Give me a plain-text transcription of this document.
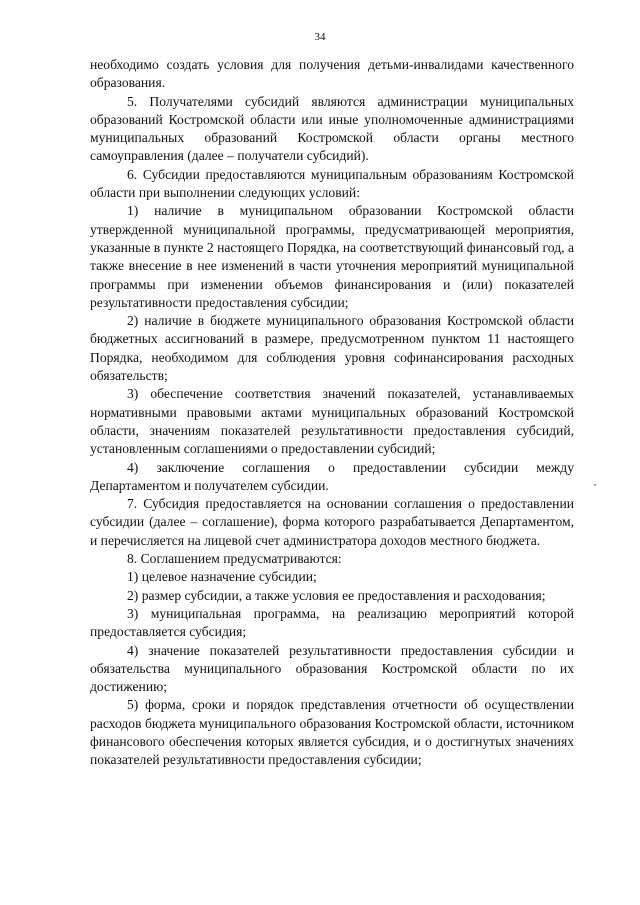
34

необходимо создать условия для получения детьми-инвалидами качественного образования.

5. Получателями субсидий являются администрации муниципальных образований Костромской области или иные уполномоченные администрациями муниципальных образований Костромской области органы местного самоуправления (далее – получатели субсидий).

6. Субсидии предоставляются муниципальным образованиям Костромской области при выполнении следующих условий:

1) наличие в муниципальном образовании Костромской области утвержденной муниципальной программы, предусматривающей мероприятия, указанные в пункте 2 настоящего Порядка, на соответствующий финансовый год, а также внесение в нее изменений в части уточнения мероприятий муниципальной программы при изменении объемов финансирования и (или) показателей результативности предоставления субсидии;

2) наличие в бюджете муниципального образования Костромской области бюджетных ассигнований в размере, предусмотренном пунктом 11 настоящего Порядка, необходимом для соблюдения уровня софинансирования расходных обязательств;

3) обеспечение соответствия значений показателей, устанавливаемых нормативными правовыми актами муниципальных образований Костромской области, значениям показателей результативности предоставления субсидий, установленным соглашениями о предоставлении субсидий;

4) заключение соглашения о предоставлении субсидии между Департаментом и получателем субсидии.

7. Субсидия предоставляется на основании соглашения о предоставлении субсидии (далее – соглашение), форма которого разрабатывается Департаментом, и перечисляется на лицевой счет администратора доходов местного бюджета.

8. Соглашением предусматриваются:

1) целевое назначение субсидии;

2) размер субсидии, а также условия ее предоставления и расходования;

3) муниципальная программа, на реализацию мероприятий которой предоставляется субсидия;

4) значение показателей результативности предоставления субсидии и обязательства муниципального образования Костромской области по их достижению;

5) форма, сроки и порядок представления отчетности об осуществлении расходов бюджета муниципального образования Костромской области, источником финансового обеспечения которых является субсидия, и о достигнутых значениях показателей результативности предоставления субсидии;
